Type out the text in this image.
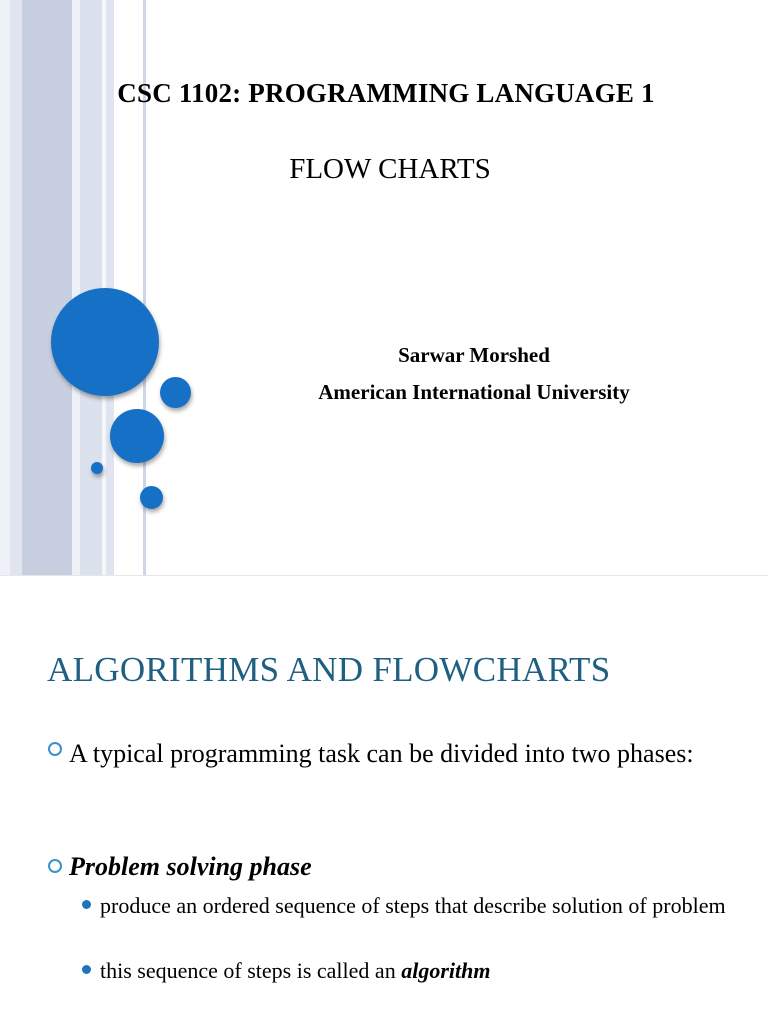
CSC 1102: PROGRAMMING LANGUAGE 1
FLOW CHARTS
Sarwar Morshed
American International University
ALGORITHMS AND FLOWCHARTS
A typical programming task can be divided into two phases:
Problem solving phase
produce an ordered sequence of steps that describe solution of problem
this sequence of steps is called an algorithm
